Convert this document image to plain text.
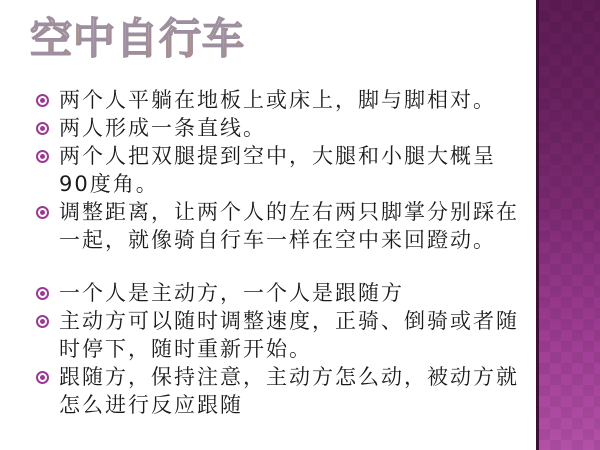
空中自行车
两个人平躺在地板上或床上，脚与脚相对。
两人形成一条直线。
两个人把双腿提到空中，大腿和小腿大概呈90度角。
调整距离，让两个人的左右两只脚掌分别踩在一起，就像骑自行车一样在空中来回蹬动。
一个人是主动方，一个人是跟随方
主动方可以随时调整速度，正骑、倒骑或者随时停下，随时重新开始。
跟随方，保持注意，主动方怎么动，被动方就怎么进行反应跟随
